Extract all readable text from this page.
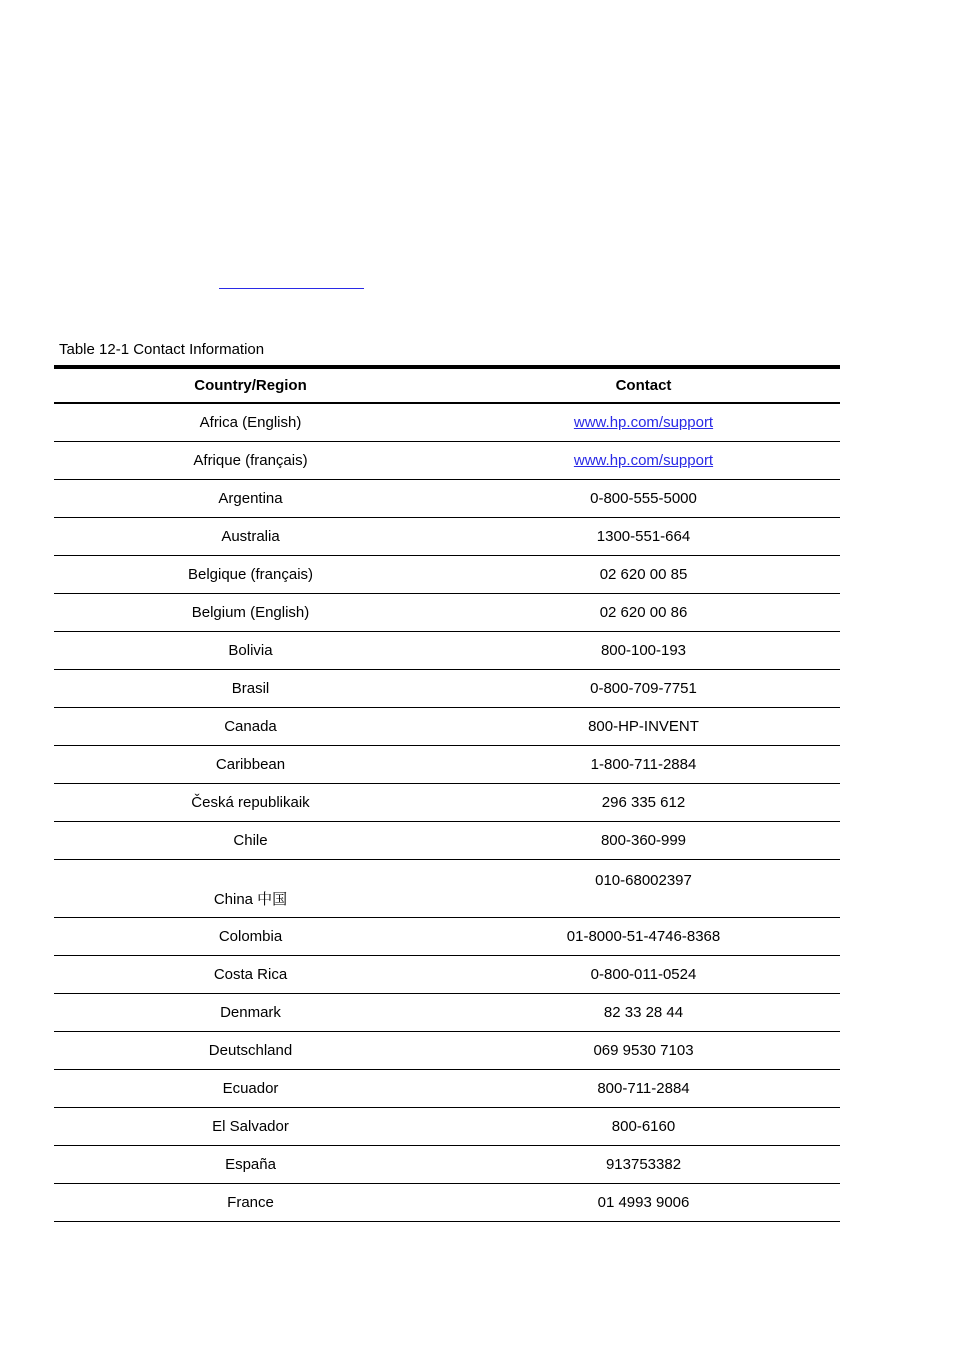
Table 12-1 Contact Information
Country/Region	Contact
Africa (English)	www.hp.com/support
Afrique (français)	www.hp.com/support
Argentina	0-800-555-5000
Australia	1300-551-664
Belgique (français)	02 620 00 85
Belgium (English)	02 620 00 86
Bolivia	800-100-193
Brasil	0-800-709-7751
Canada	800-HP-INVENT
Caribbean	1-800-711-2884
Česká republikaik	296 335 612
Chile	800-360-999
China 中国	010-68002397
Colombia	01-8000-51-4746-8368
Costa Rica	0-800-011-0524
Denmark	82 33 28 44
Deutschland	069 9530 7103
Ecuador	800-711-2884
El Salvador	800-6160
España	913753382
France	01 4993 9006
